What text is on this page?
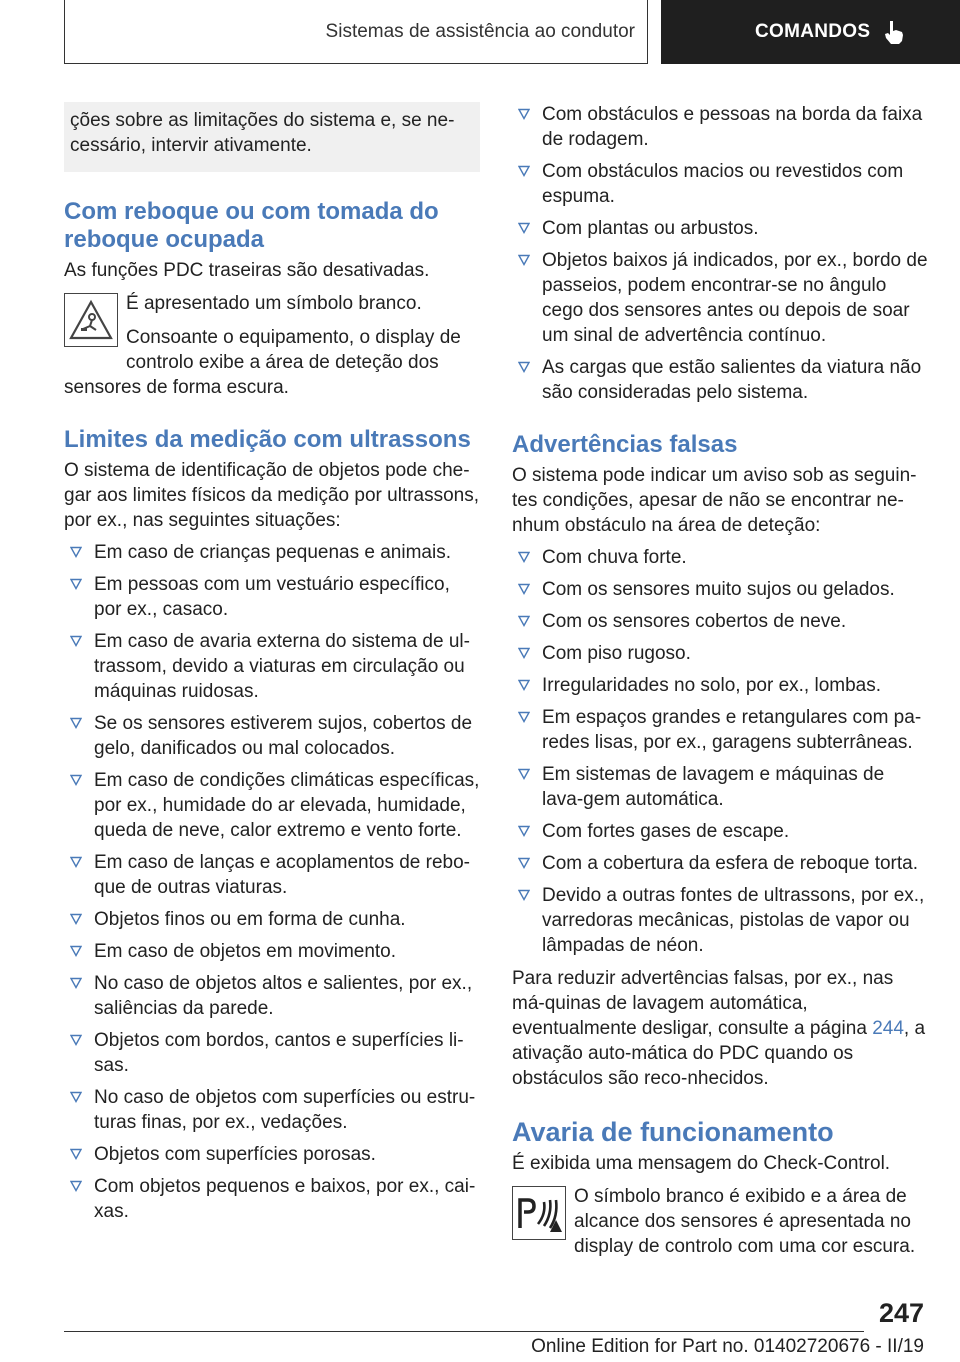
Sistemas de assistência ao condutor	COMANDOS

ções sobre as limitações do sistema e, se ne-cessário, intervir ativamente.

Com reboque ou com tomada do reboque ocupada

As funções PDC traseiras são desativadas.

É apresentado um símbolo branco.

Consoante o equipamento, o display de controlo exibe a área de deteção dos

sensores de forma escura.

Limites da medição com ultrassons

O sistema de identificação de objetos pode che-gar aos limites físicos da medição por ultrassons, por ex., nas seguintes situações:

Em caso de crianças pequenas e animais.
Em pessoas com um vestuário específico, por ex., casaco.
Em caso de avaria externa do sistema de ul-trassom, devido a viaturas em circulação ou máquinas ruidosas.
Se os sensores estiverem sujos, cobertos de gelo, danificados ou mal colocados.
Em caso de condições climáticas específicas, por ex., humidade do ar elevada, humidade, queda de neve, calor extremo e vento forte.
Em caso de lanças e acoplamentos de rebo-que de outras viaturas.
Objetos finos ou em forma de cunha.
Em caso de objetos em movimento.
No caso de objetos altos e salientes, por ex., saliências da parede.
Objetos com bordos, cantos e superfícies li-sas.
No caso de objetos com superfícies ou estru-turas finas, por ex., vedações.
Objetos com superfícies porosas.
Com objetos pequenos e baixos, por ex., cai-xas.
Com obstáculos e pessoas na borda da faixa de rodagem.
Com obstáculos macios ou revestidos com espuma.
Com plantas ou arbustos.
Objetos baixos já indicados, por ex., bordo de passeios, podem encontrar-se no ângulo cego dos sensores antes ou depois de soar um sinal de advertência contínuo.
As cargas que estão salientes da viatura não são consideradas pelo sistema.
Advertências falsas

O sistema pode indicar um aviso sob as seguin-tes condições, apesar de não se encontrar ne-nhum obstáculo na área de deteção:

Com chuva forte.
Com os sensores muito sujos ou gelados.
Com os sensores cobertos de neve.
Com piso rugoso.
Irregularidades no solo, por ex., lombas.
Em espaços grandes e retangulares com pa-redes lisas, por ex., garagens subterrâneas.
Em sistemas de lavagem e máquinas de lava-gem automática.
Com fortes gases de escape.
Com a cobertura da esfera de reboque torta.
Devido a outras fontes de ultrassons, por ex., varredoras mecânicas, pistolas de vapor ou lâmpadas de néon.

Para reduzir advertências falsas, por ex., nas má-quinas de lavagem automática, eventualmente desligar, consulte a página 244, a ativação auto-mática do PDC quando os obstáculos são reco-nhecidos.

Avaria de funcionamento

É exibida uma mensagem do Check-Control.

O símbolo branco é exibido e a área de alcance dos sensores é apresentada no display de controlo com uma cor escura.

247
Online Edition for Part no. 01402720676 - II/19
